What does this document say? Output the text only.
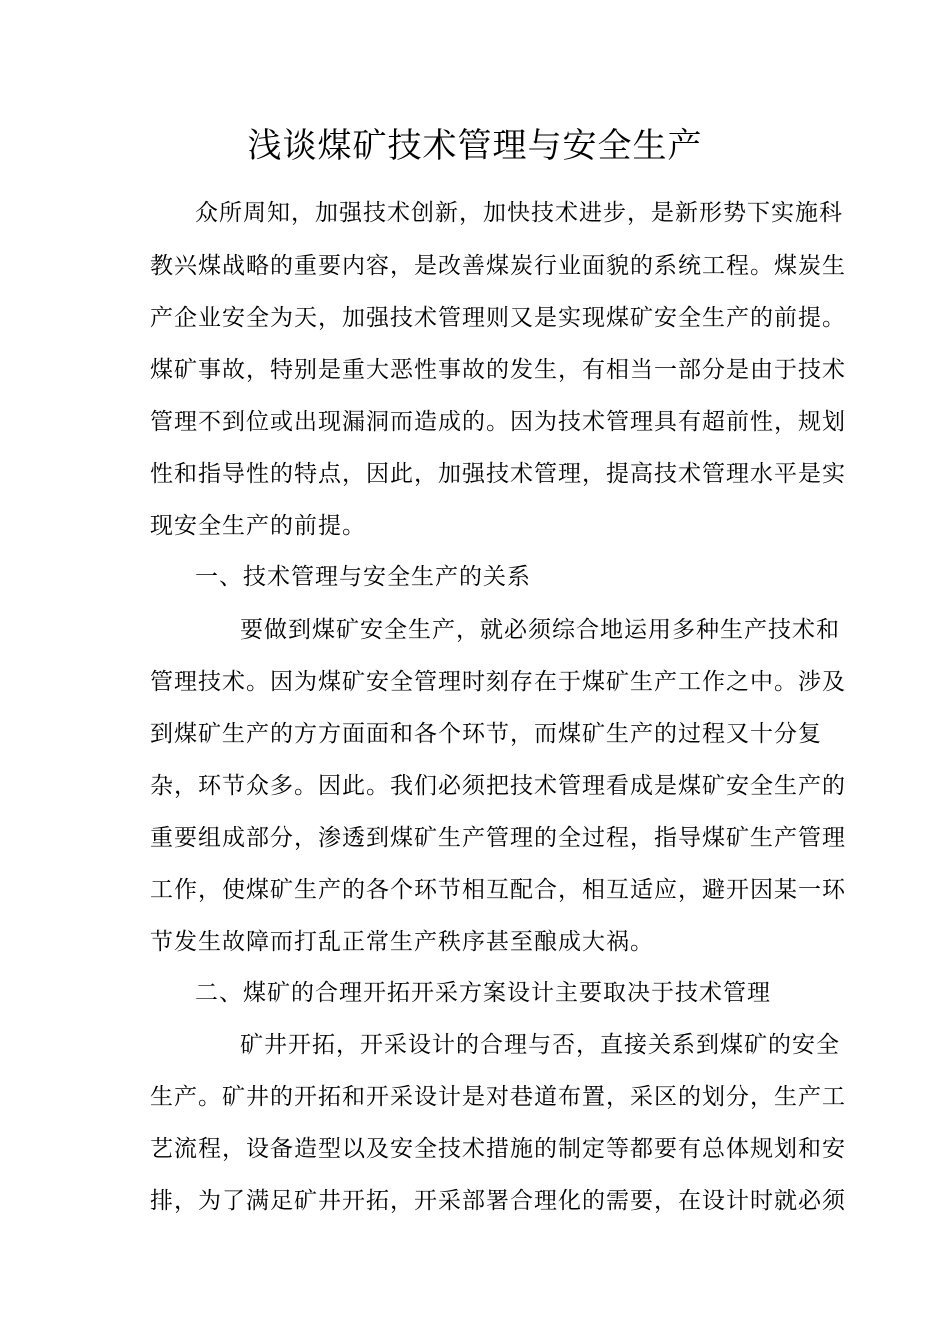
浅谈煤矿技术管理与安全生产
众所周知，加强技术创新，加快技术进步，是新形势下实施科
教兴煤战略的重要内容，是改善煤炭行业面貌的系统工程。煤炭生
产企业安全为天，加强技术管理则又是实现煤矿安全生产的前提。
煤矿事故，特别是重大恶性事故的发生，有相当一部分是由于技术
管理不到位或出现漏洞而造成的。因为技术管理具有超前性，规划
性和指导性的特点，因此，加强技术管理，提高技术管理水平是实
现安全生产的前提。
一、技术管理与安全生产的关系
要做到煤矿安全生产，就必须综合地运用多种生产技术和
管理技术。因为煤矿安全管理时刻存在于煤矿生产工作之中。涉及
到煤矿生产的方方面面和各个环节，而煤矿生产的过程又十分复
杂，环节众多。因此。我们必须把技术管理看成是煤矿安全生产的
重要组成部分，渗透到煤矿生产管理的全过程，指导煤矿生产管理
工作，使煤矿生产的各个环节相互配合，相互适应，避开因某一环
节发生故障而打乱正常生产秩序甚至酿成大祸。
二、煤矿的合理开拓开采方案设计主要取决于技术管理
矿井开拓，开采设计的合理与否，直接关系到煤矿的安全
生产。矿井的开拓和开采设计是对巷道布置，采区的划分，生产工
艺流程，设备造型以及安全技术措施的制定等都要有总体规划和安
排，为了满足矿井开拓，开采部署合理化的需要，在设计时就必须
